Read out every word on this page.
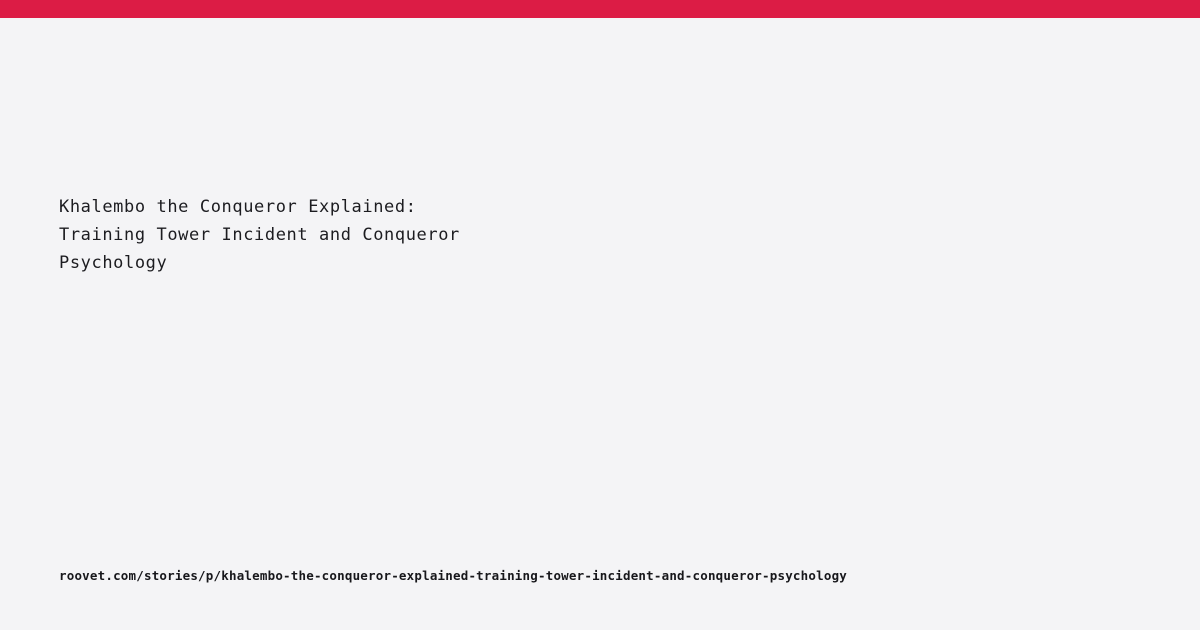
Khalembo the Conqueror Explained:
Training Tower Incident and Conqueror
Psychology
roovet.com/stories/p/khalembo-the-conqueror-explained-training-tower-incident-and-conqueror-psychology
